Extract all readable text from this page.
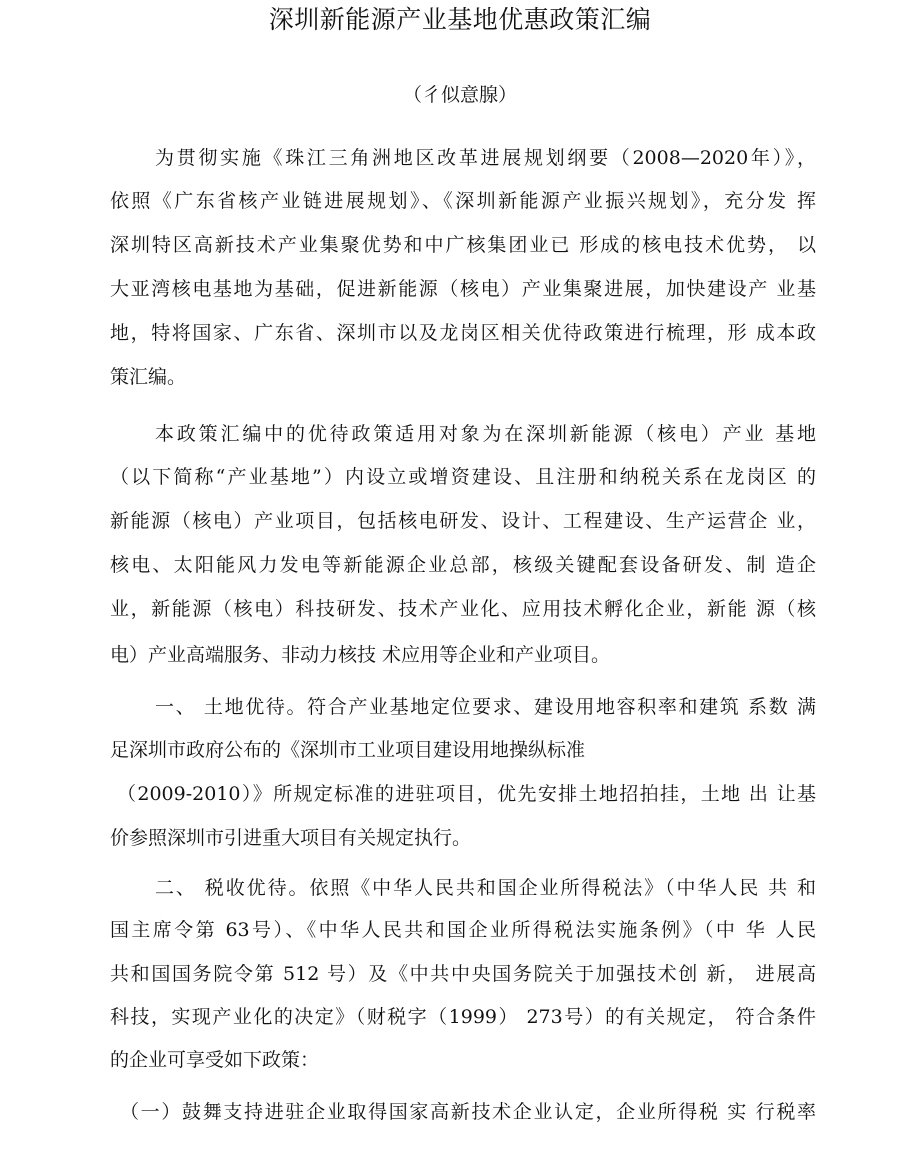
深圳新能源产业基地优惠政策汇编
（彳似意腺）
为贯彻实施《珠江三角洲地区改革进展规划纲要（2008—2020年）》，
依照《广东省核产业链进展规划》、《深圳新能源产业振兴规划》，充分发 挥
深圳特区高新技术产业集聚优势和中广核集团业已 形成的核电技术优势， 以
大亚湾核电基地为基础，促进新能源（核电）产业集聚进展，加快建设产 业基
地，特将国家、广东省、深圳市以及龙岗区相关优待政策进行梳理，形 成本政
策汇编。
本政策汇编中的优待政策适用对象为在深圳新能源（核电）产业 基地
（以下简称“产业基地”）内设立或增资建设、且注册和纳税关系在龙岗区 的
新能源（核电）产业项目，包括核电研发、设计、工程建设、生产运营企 业，
核电、太阳能风力发电等新能源企业总部，核级关键配套设备研发、制 造企
业，新能源（核电）科技研发、技术产业化、应用技术孵化企业，新能 源（核
电）产业高端服务、非动力核技 术应用等企业和产业项目。
一、 土地优待。符合产业基地定位要求、建设用地容积率和建筑 系数 满
足深圳市政府公布的《深圳市工业项目建设用地操纵标准
（2009-2010）》所规定标准的进驻项目，优先安排土地招拍挂，土地 出 让基
价参照深圳市引进重大项目有关规定执行。
二、 税收优待。依照《中华人民共和国企业所得税法》（中华人民 共 和
国主席令第 63号）、《中华人民共和国企业所得税法实施条例》（中 华 人民
共和国国务院令第 512 号）及《中共中央国务院关于加强技术创 新， 进展高
科技，实现产业化的决定》（财税字（1999） 273号）的有关规定， 符合条件
的企业可享受如下政策：
（一）鼓舞支持进驻企业取得国家高新技术企业认定，企业所得税 实 行税率
